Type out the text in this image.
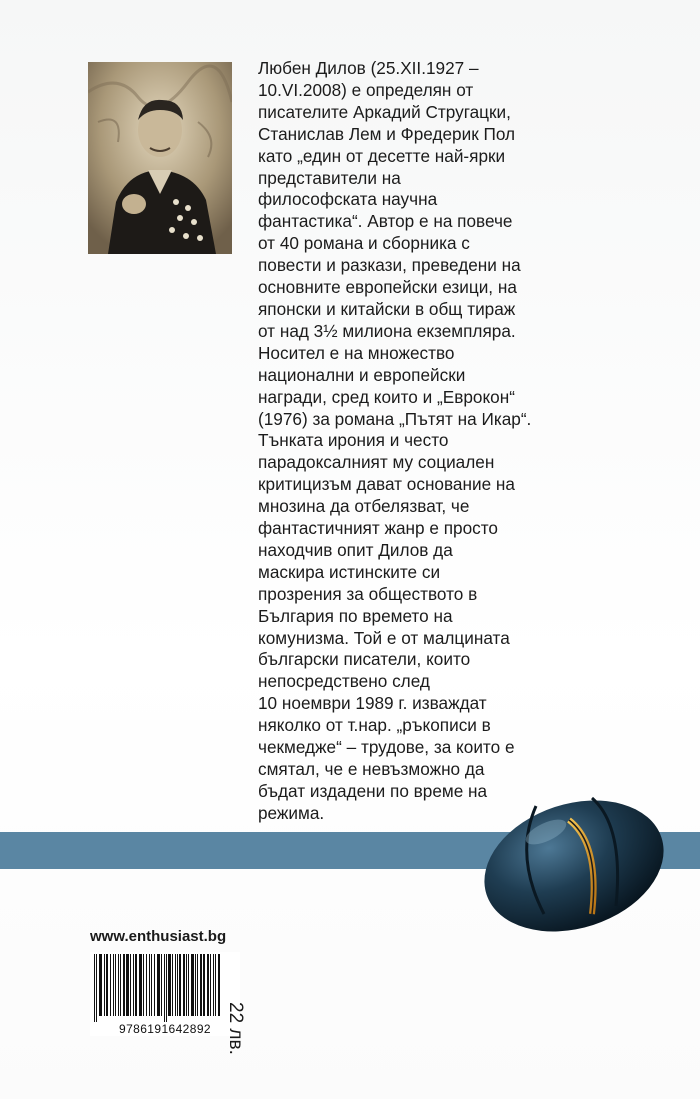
Любен Дилов (25.XII.1927 –
10.VI.2008) е определян от
писателите Аркадий Стругацки,
Станислав Лем и Фредерик Пол
като „един от десетте най-ярки
представители на
философската научна
фантастика“. Автор е на повече
от 40 романа и сборника с
повести и разкази, преведени на
основните европейски езици, на
японски и китайски в общ тираж
от над 3½ милиона екземпляра.
Носител е на множество
национални и европейски
награди, сред които и „Еврокон“
(1976) за романа „Пътят на Икар“.
Тънката ирония и често
парадоксалният му социален
критицизъм дават основание на
мнозина да отбелязват, че
фантастичният жанр е просто
находчив опит Дилов да
маскира истинските си
прозрения за обществото в
България по времето на
комунизма. Той е от малцината
български писатели, които
непосредствено след
10 ноември 1989 г. изваждат
няколко от т.нар. „ръкописи в
чекмедже“ – трудове, за които е
смятал, че е невъзможно да
бъдат издадени по време на
режима.
www.enthusiast.bg
9786191642892 22 лв.
